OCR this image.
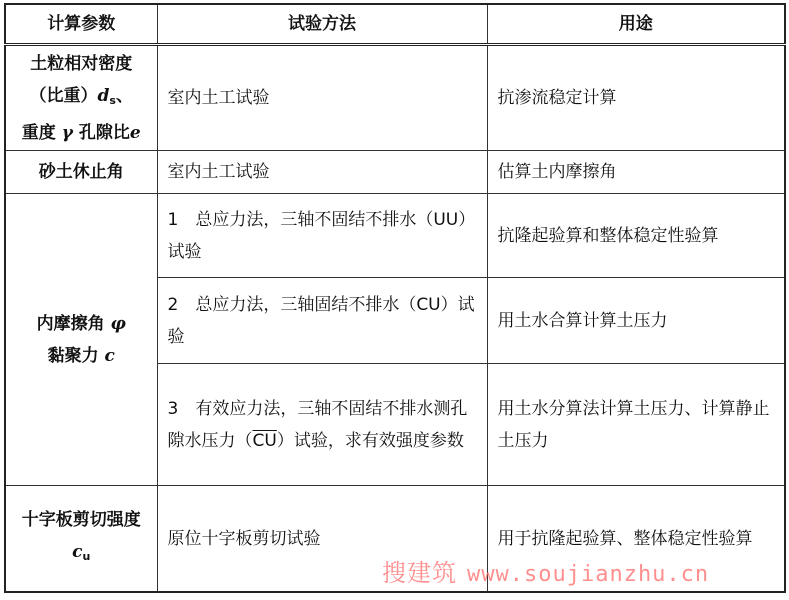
计算参数	试验方法	用途

土粒相对密度
（比重）$d_s$、
重度 γ 孔隙比e	室内土工试验	抗渗流稳定计算
砂土休止角	室内土工试验	估算土内摩擦角

内摩擦角 φ
黏聚力 c	1　总应力法，三轴不固结不排水（UU）试验	抗隆起验算和整体稳定性验算
	2　总应力法，三轴固结不排水（CU）试验	用土水合算计算土压力
	3　有效应力法，三轴不固结不排水测孔隙水压力$(\overline{CU})$试验，求有效强度参数	用土水分算法计算土压力、计算静止土压力

十字板剪切强度
$c_u$	原位十字板剪切试验	用于抗隆起验算、整体稳定性验算
搜建筑 www.soujianzhu.cn
